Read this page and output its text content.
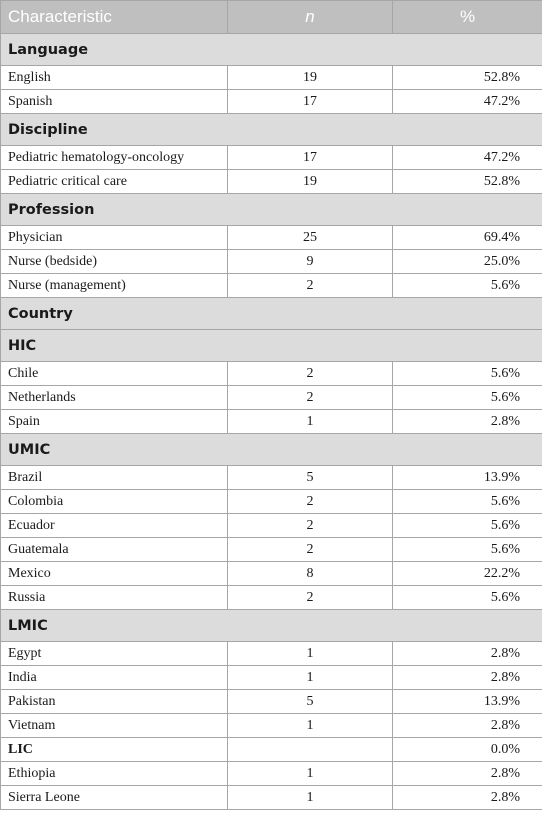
Characteristic	n	%
Language		
English	19	52.8%
Spanish	17	47.2%
Discipline		
Pediatric hematology-oncology	17	47.2%
Pediatric critical care	19	52.8%
Profession		
Physician	25	69.4%
Nurse (bedside)	9	25.0%
Nurse (management)	2	5.6%
Country		
HIC		
Chile	2	5.6%
Netherlands	2	5.6%
Spain	1	2.8%
UMIC		
Brazil	5	13.9%
Colombia	2	5.6%
Ecuador	2	5.6%
Guatemala	2	5.6%
Mexico	8	22.2%
Russia	2	5.6%
LMIC		
Egypt	1	2.8%
India	1	2.8%
Pakistan	5	13.9%
Vietnam	1	2.8%
LIC		0.0%
Ethiopia	1	2.8%
Sierra Leone	1	2.8%
